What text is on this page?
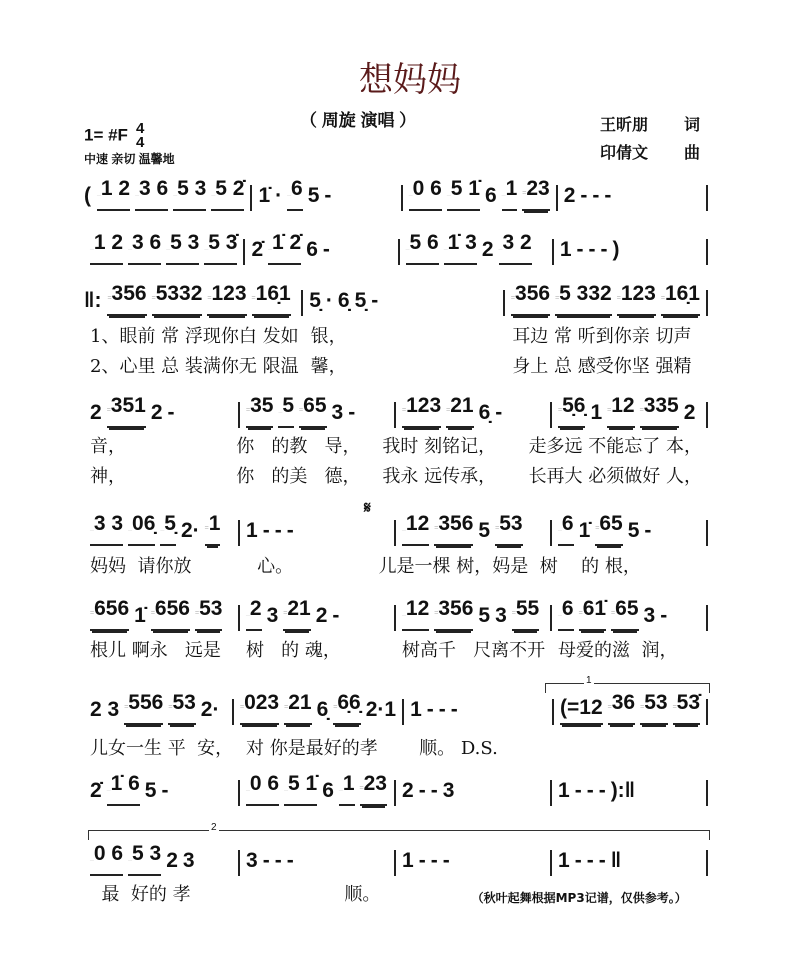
想妈妈
（ 周旋 演唱 ）
1= #F 4
4
中速 亲切 温馨地
王昕朋 词
印倩文 曲
( _1 2 _3 6 _5 3 _5 2̇ 1̇ · _6 5 -	_0 6 _5 1̇ 6 _1 =23 2 - - -
_1 2 _3 6 _5 3 _5 3̇ 2̇ _1̇ 2̇ 6 -	_5 6 _1̇ 3 2 _3 2 1 - - - )
‖: =356 =5332 =123 =16̣1 5̣ · 6̣ 5̣ -	=356 =5 332 =123 =16̣1
2 =351 2 -	=35 _5 =65 3 - =123 =21 6̣ -	=5̣6̣ 1 =12 =335 2
_3 3 _06̣ _5̣ 2· =1 1 - - -	_12 =356 5 =53 _6 1̇ =65 5 -
=656 1̇ =656 =53 _2 3 =21 2 -	_12 =356 5 3 =55 _6 =61̇ =65 3 -
2 3 =556 =53 2· =023 =21 6̣ =6̣6̣ 2·1 1 - - -	(=12 =36 =53 =53̇
2̇ _1̇ 6 5 -	_0 6 _5 1̇ 6 _1 =23 2 - - 3	1 - - - ):‖
_0 6 _5 3 2 3 3 - - -	1 - - -	1 - - - ‖
1、眼前 常 浮现你白 发如 银，	耳边 常 听到你亲 切声
2、心里 总 装满你无 限温 馨，	身上 总 感受你坚 强精
音，	你   的教   导，	我时 刻铭记，	走多远 不能忘了 本，
神，	你   的美   德，	我永 远传承，	长再大 必须做好 人，
妈妈  请你放	心。	儿是一棵 树，妈是  树 的 根，
根儿 啊永   远是	树   的 魂，	树高千   尺离不开 母爱的滋  润，
儿女一生 平  安， 对 你是最好的孝	顺。 D.S.
最  好的 孝	顺。	（秋叶起舞根据MP3记谱，仅供参考。）
𝄋
1
2
